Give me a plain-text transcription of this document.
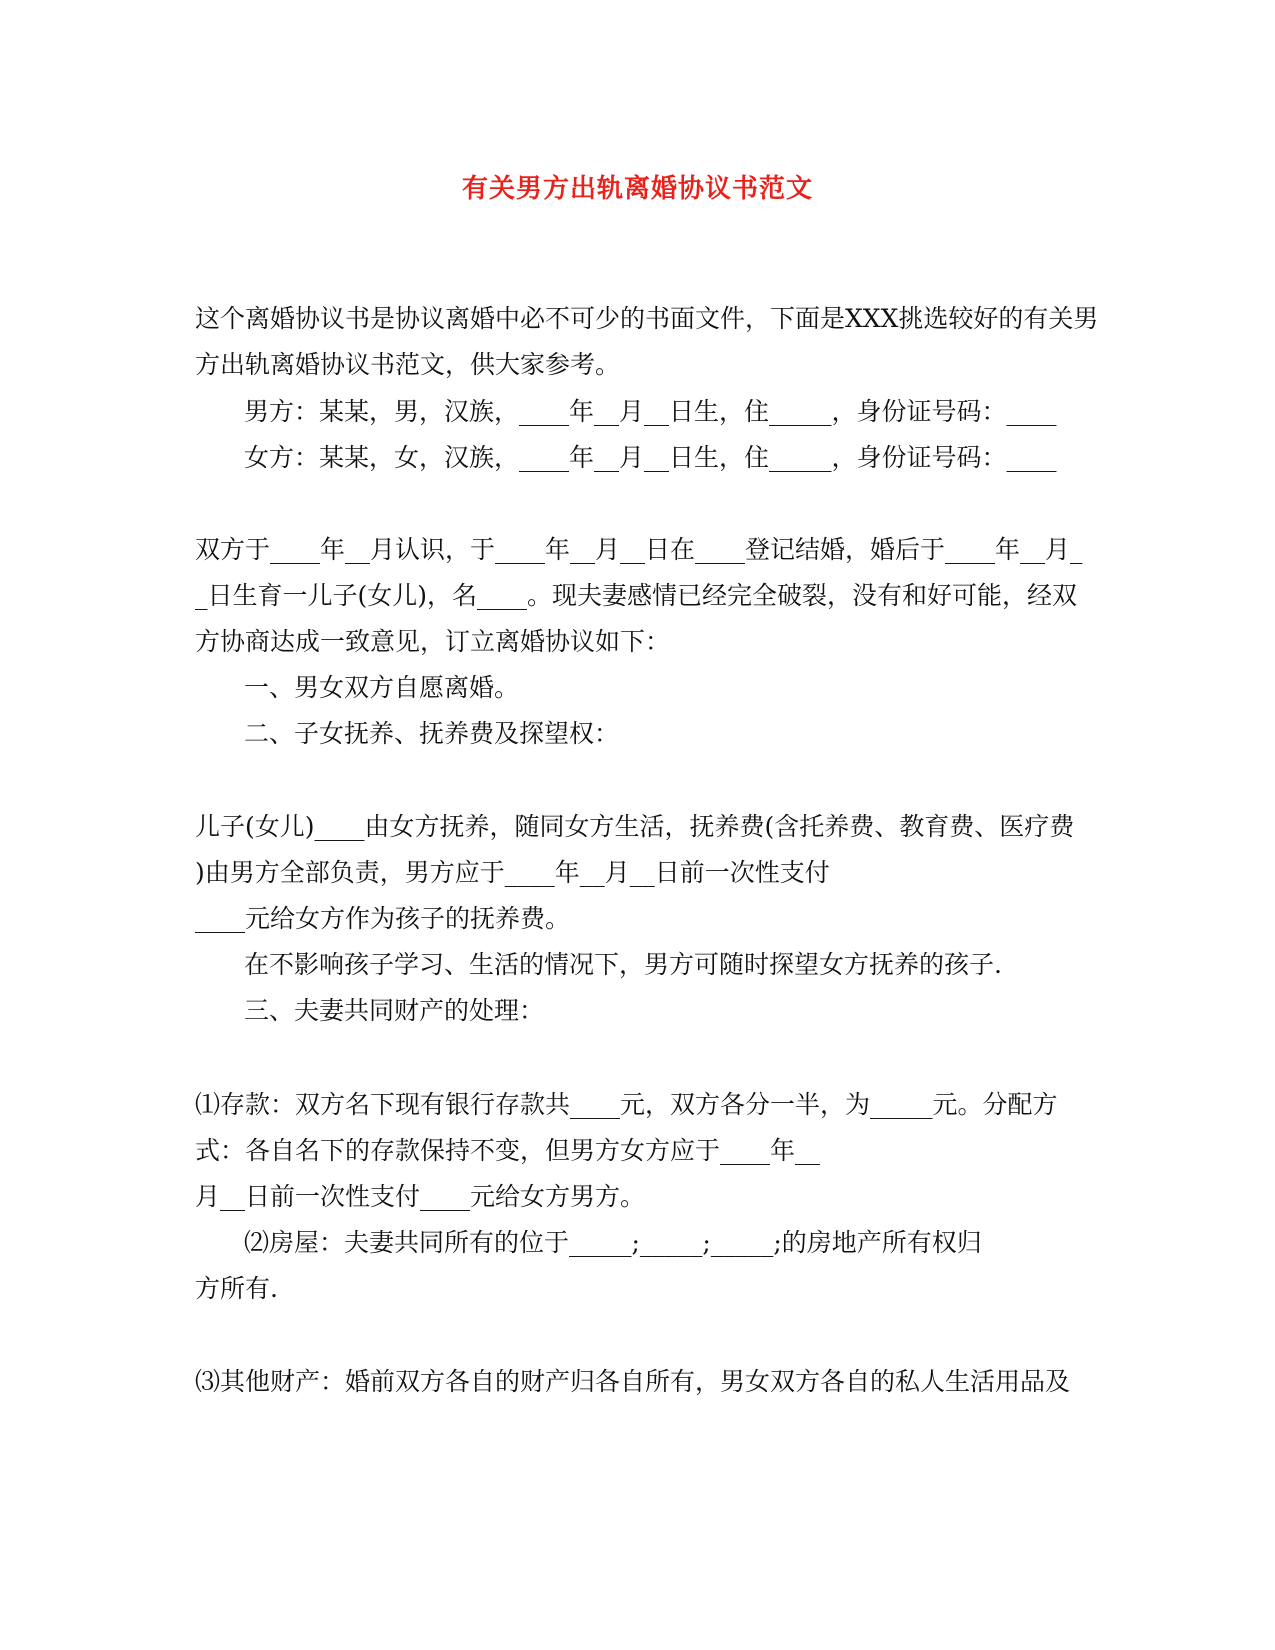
有关男方出轨离婚协议书范文
这个离婚协议书是协议离婚中必不可少的书面文件，下面是XXX挑选较好的有关男
方出轨离婚协议书范文，供大家参考。
男方：某某，男，汉族，____年__月__日生，住_____，身份证号码：____
女方：某某，女，汉族，____年__月__日生，住_____，身份证号码：____
双方于____年__月认识，于____年__月__日在____登记结婚，婚后于____年__月_
_日生育一儿子(女儿)，名____。现夫妻感情已经完全破裂，没有和好可能，经双
方协商达成一致意见，订立离婚协议如下：
一、男女双方自愿离婚。
二、子女抚养、抚养费及探望权：
儿子(女儿)____由女方抚养，随同女方生活，抚养费(含托养费、教育费、医疗费
)由男方全部负责，男方应于____年__月__日前一次性支付
____元给女方作为孩子的抚养费。
在不影响孩子学习、生活的情况下，男方可随时探望女方抚养的孩子.
三、夫妻共同财产的处理：
⑴存款：双方名下现有银行存款共____元，双方各分一半，为_____元。分配方
式：各自名下的存款保持不变，但男方女方应于____年__
月__日前一次性支付____元给女方男方。
⑵房屋：夫妻共同所有的位于_____;_____;_____;的房地产所有权归
方所有.
⑶其他财产：婚前双方各自的财产归各自所有，男女双方各自的私人生活用品及
